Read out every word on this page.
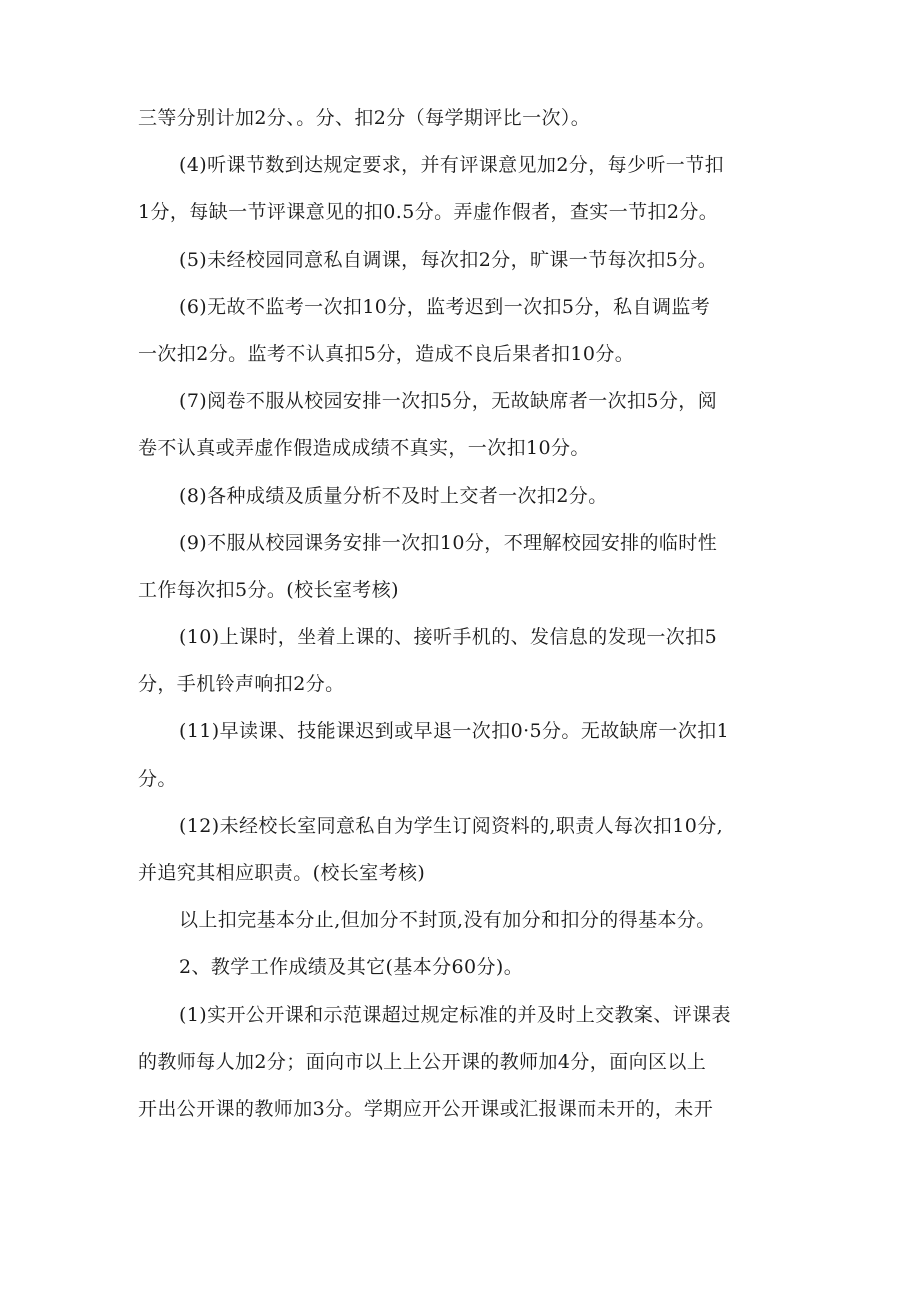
三等分别计加2分、。分、扣2分（每学期评比一次）。
(4)听课节数到达规定要求，并有评课意见加2分，每少听一节扣
1分，每缺一节评课意见的扣0.5分。弄虚作假者，查实一节扣2分。
(5)未经校园同意私自调课，每次扣2分，旷课一节每次扣5分。
(6)无故不监考一次扣10分，监考迟到一次扣5分，私自调监考
一次扣2分。监考不认真扣5分，造成不良后果者扣10分。
(7)阅卷不服从校园安排一次扣5分，无故缺席者一次扣5分，阅
卷不认真或弄虚作假造成成绩不真实，一次扣10分。
(8)各种成绩及质量分析不及时上交者一次扣2分。
(9)不服从校园课务安排一次扣10分，不理解校园安排的临时性
工作每次扣5分。(校长室考核)
(10)上课时，坐着上课的、接听手机的、发信息的发现一次扣5
分，手机铃声响扣2分。
(11)早读课、技能课迟到或早退一次扣0·5分。无故缺席一次扣1
分。
(12)未经校长室同意私自为学生订阅资料的,职责人每次扣10分,
并追究其相应职责。(校长室考核)
以上扣完基本分止,但加分不封顶,没有加分和扣分的得基本分。
2、教学工作成绩及其它(基本分60分)。
(1)实开公开课和示范课超过规定标准的并及时上交教案、评课表
的教师每人加2分；面向市以上上公开课的教师加4分，面向区以上
开出公开课的教师加3分。学期应开公开课或汇报课而未开的，未开
